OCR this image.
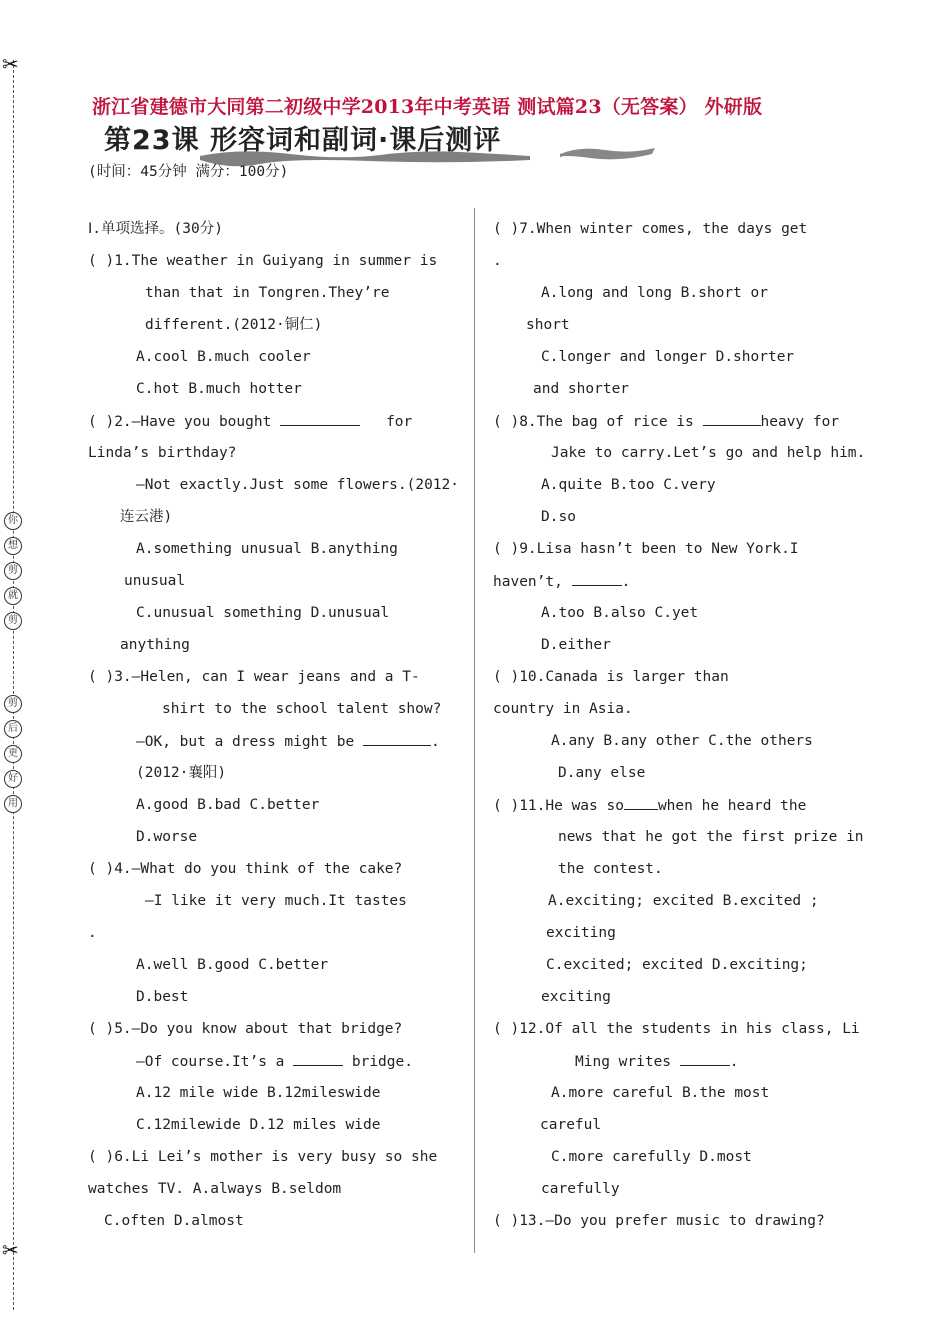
✂
✂
你
想
剪
就
剪
剪
后
更
好
用
浙江省建德市大同第二初级中学2013年中考英语 测试篇23（无答案） 外研版
第23课 形容词和副词·课后测评
(时间：45分钟 满分：100分)
Ⅰ.单项选择。(30分)
( )1.The weather in Guiyang in summer is
than that in Tongren.They’re
different.(2012·铜仁)
A.cool B.much cooler
C.hot B.much hotter
( )2.—Have you bought	for
Linda’s birthday?
—Not exactly.Just some flowers.(2012·
连云港)
A.something unusual B.anything
unusual
C.unusual something D.unusual
anything
( )3.—Helen, can I wear jeans and a T-
shirt to the school talent show?
—OK, but a dress might be	.
(2012·襄阳)
A.good B.bad C.better
D.worse
( )4.—What do you think of the cake?
—I like it very much.It tastes
.
A.well B.good C.better
D.best
( )5.—Do you know about that bridge?
—Of course.It’s a	bridge.
A.12 mile wide B.12mileswide
C.12milewide D.12 miles wide
( )6.Li Lei’s mother is very busy so she
watches TV. A.always B.seldom
C.often D.almost
( )7.When winter comes, the days get
.
A.long and long B.short or
short
C.longer and longer D.shorter
and shorter
( )8.The bag of rice is	heavy for
Jake to carry.Let’s go and help him.
A.quite B.too C.very
D.so
( )9.Lisa hasn’t been to New York.I
haven’t,	.
A.too B.also C.yet
D.either
( )10.Canada is larger than
country in Asia.
A.any B.any other C.the others
D.any else
( )11.He was so when he heard the
news that he got the first prize in
the contest.
A.exciting; excited B.excited ;
exciting
C.excited; excited D.exciting;
exciting
( )12.Of all the students in his class, Li
Ming writes	.
A.more careful B.the most
careful
C.more carefully D.most
carefully
( )13.—Do you prefer music to drawing?
